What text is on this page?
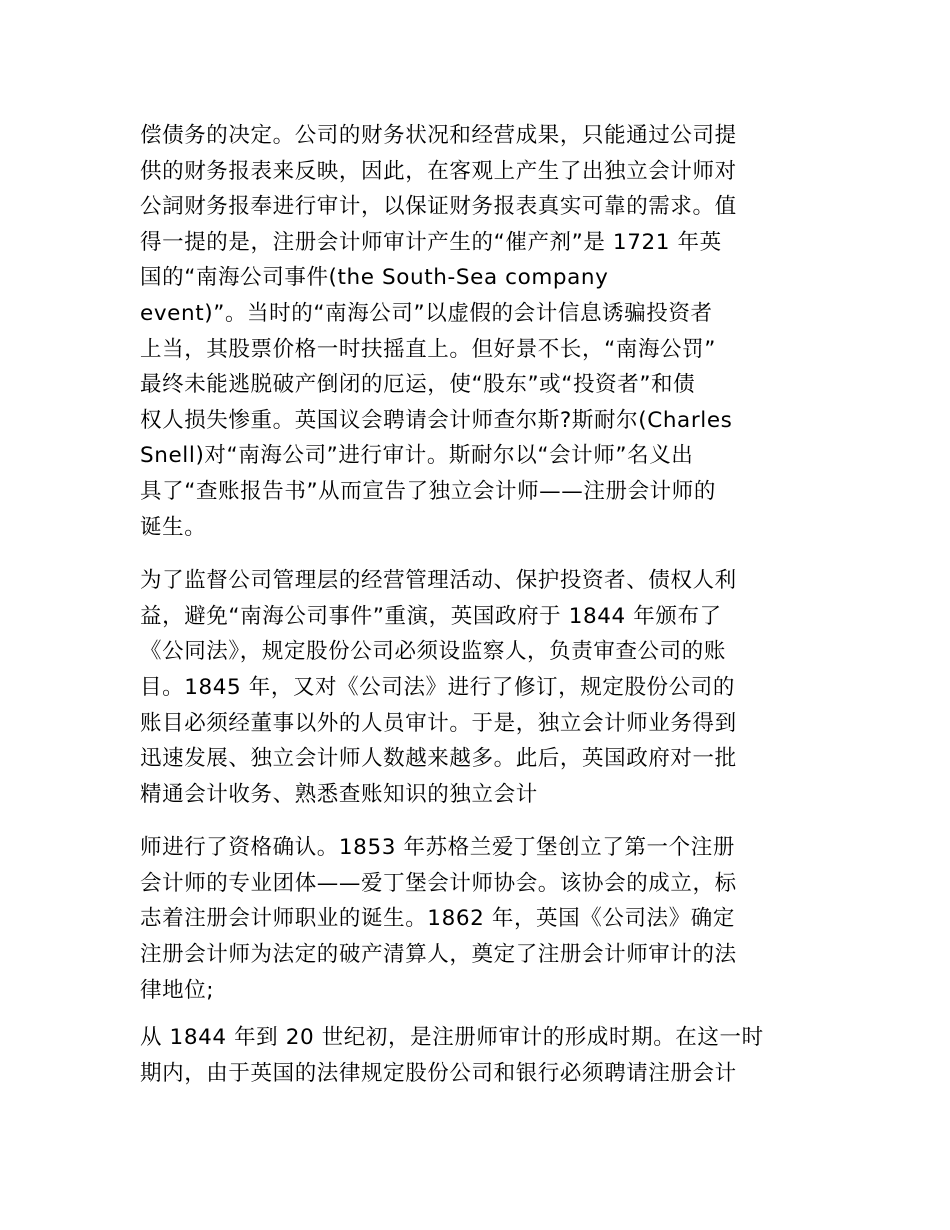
偿债务的决定。公司的财务状况和经营成果，只能通过公司提
供的财务报表来反映，因此，在客观上产生了出独立会计师对
公詞财务报奉进行审计，以保证财务报表真实可靠的需求。值
得一提的是，注册会计师审计产生的“催产剂”是 1721 年英
国的“南海公司事件(the South-Sea company
event)”。当时的“南海公司”以虚假的会计信息诱骗投资者
上当，其股票价格一时扶摇直上。但好景不长，“南海公罚”
最终未能逃脱破产倒闭的厄运，使“股东”或“投资者”和债
权人损失惨重。英国议会聘请会计师查尔斯?斯耐尔(Charles
Snell)对“南海公司”进行审计。斯耐尔以“会计师”名义出
具了“查账报告书”从而宣告了独立会计师——注册会计师的
诞生。
为了监督公司管理层的经营管理活动、保护投资者、债权人利
益，避免“南海公司事件”重演，英国政府于 1844 年颁布了
《公同法》，规定股份公司必须设监察人，负责审查公司的账
目。1845 年，又对《公司法》进行了修订，规定股份公司的
账目必须经董事以外的人员审计。于是，独立会计师业务得到
迅速发展、独立会计师人数越来越多。此后，英国政府对一批
精通会计收务、熟悉查账知识的独立会计
师进行了资格确认。1853 年苏格兰爱丁堡创立了第一个注册
会计师的专业团体——爱丁堡会计师协会。该协会的成立，标
志着注册会计师职业的诞生。1862 年，英国《公司法》确定
注册会计师为法定的破产清算人，奠定了注册会计师审计的法
律地位;
从 1844 年到 20 世纪初，是注册师审计的形成时期。在这一时
期内，由于英国的法律规定股份公司和银行必须聘请注册会计
